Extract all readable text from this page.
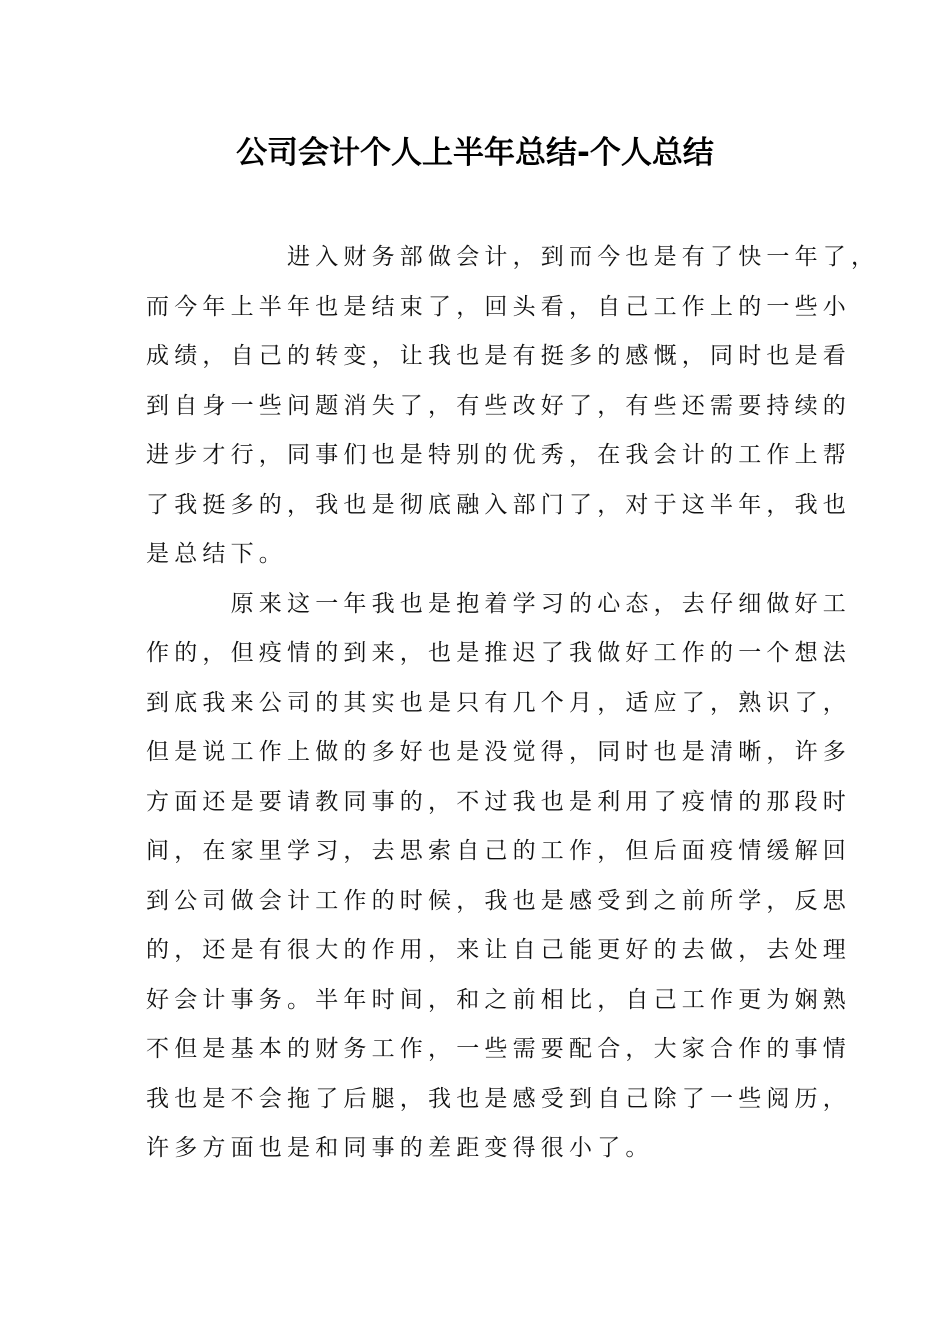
公司会计个人上半年总结-个人总结
　　　　　进入财务部做会计，到而今也是有了快一年了，
而今年上半年也是结束了，回头看，自己工作上的一些小
成绩，自己的转变，让我也是有挺多的感慨，同时也是看
到自身一些问题消失了，有些改好了，有些还需要持续的
进步才行，同事们也是特别的优秀，在我会计的工作上帮
了我挺多的，我也是彻底融入部门了，对于这半年，我也
是总结下。
　　　原来这一年我也是抱着学习的心态，去仔细做好工
作的，但疫情的到来，也是推迟了我做好工作的一个想法
到底我来公司的其实也是只有几个月，适应了，熟识了，
但是说工作上做的多好也是没觉得，同时也是清晰，许多
方面还是要请教同事的，不过我也是利用了疫情的那段时
间，在家里学习，去思索自己的工作，但后面疫情缓解回
到公司做会计工作的时候，我也是感受到之前所学，反思
的，还是有很大的作用，来让自己能更好的去做，去处理
好会计事务。半年时间，和之前相比，自己工作更为娴熟
不但是基本的财务工作，一些需要配合，大家合作的事情
我也是不会拖了后腿，我也是感受到自己除了一些阅历，
许多方面也是和同事的差距变得很小了。
